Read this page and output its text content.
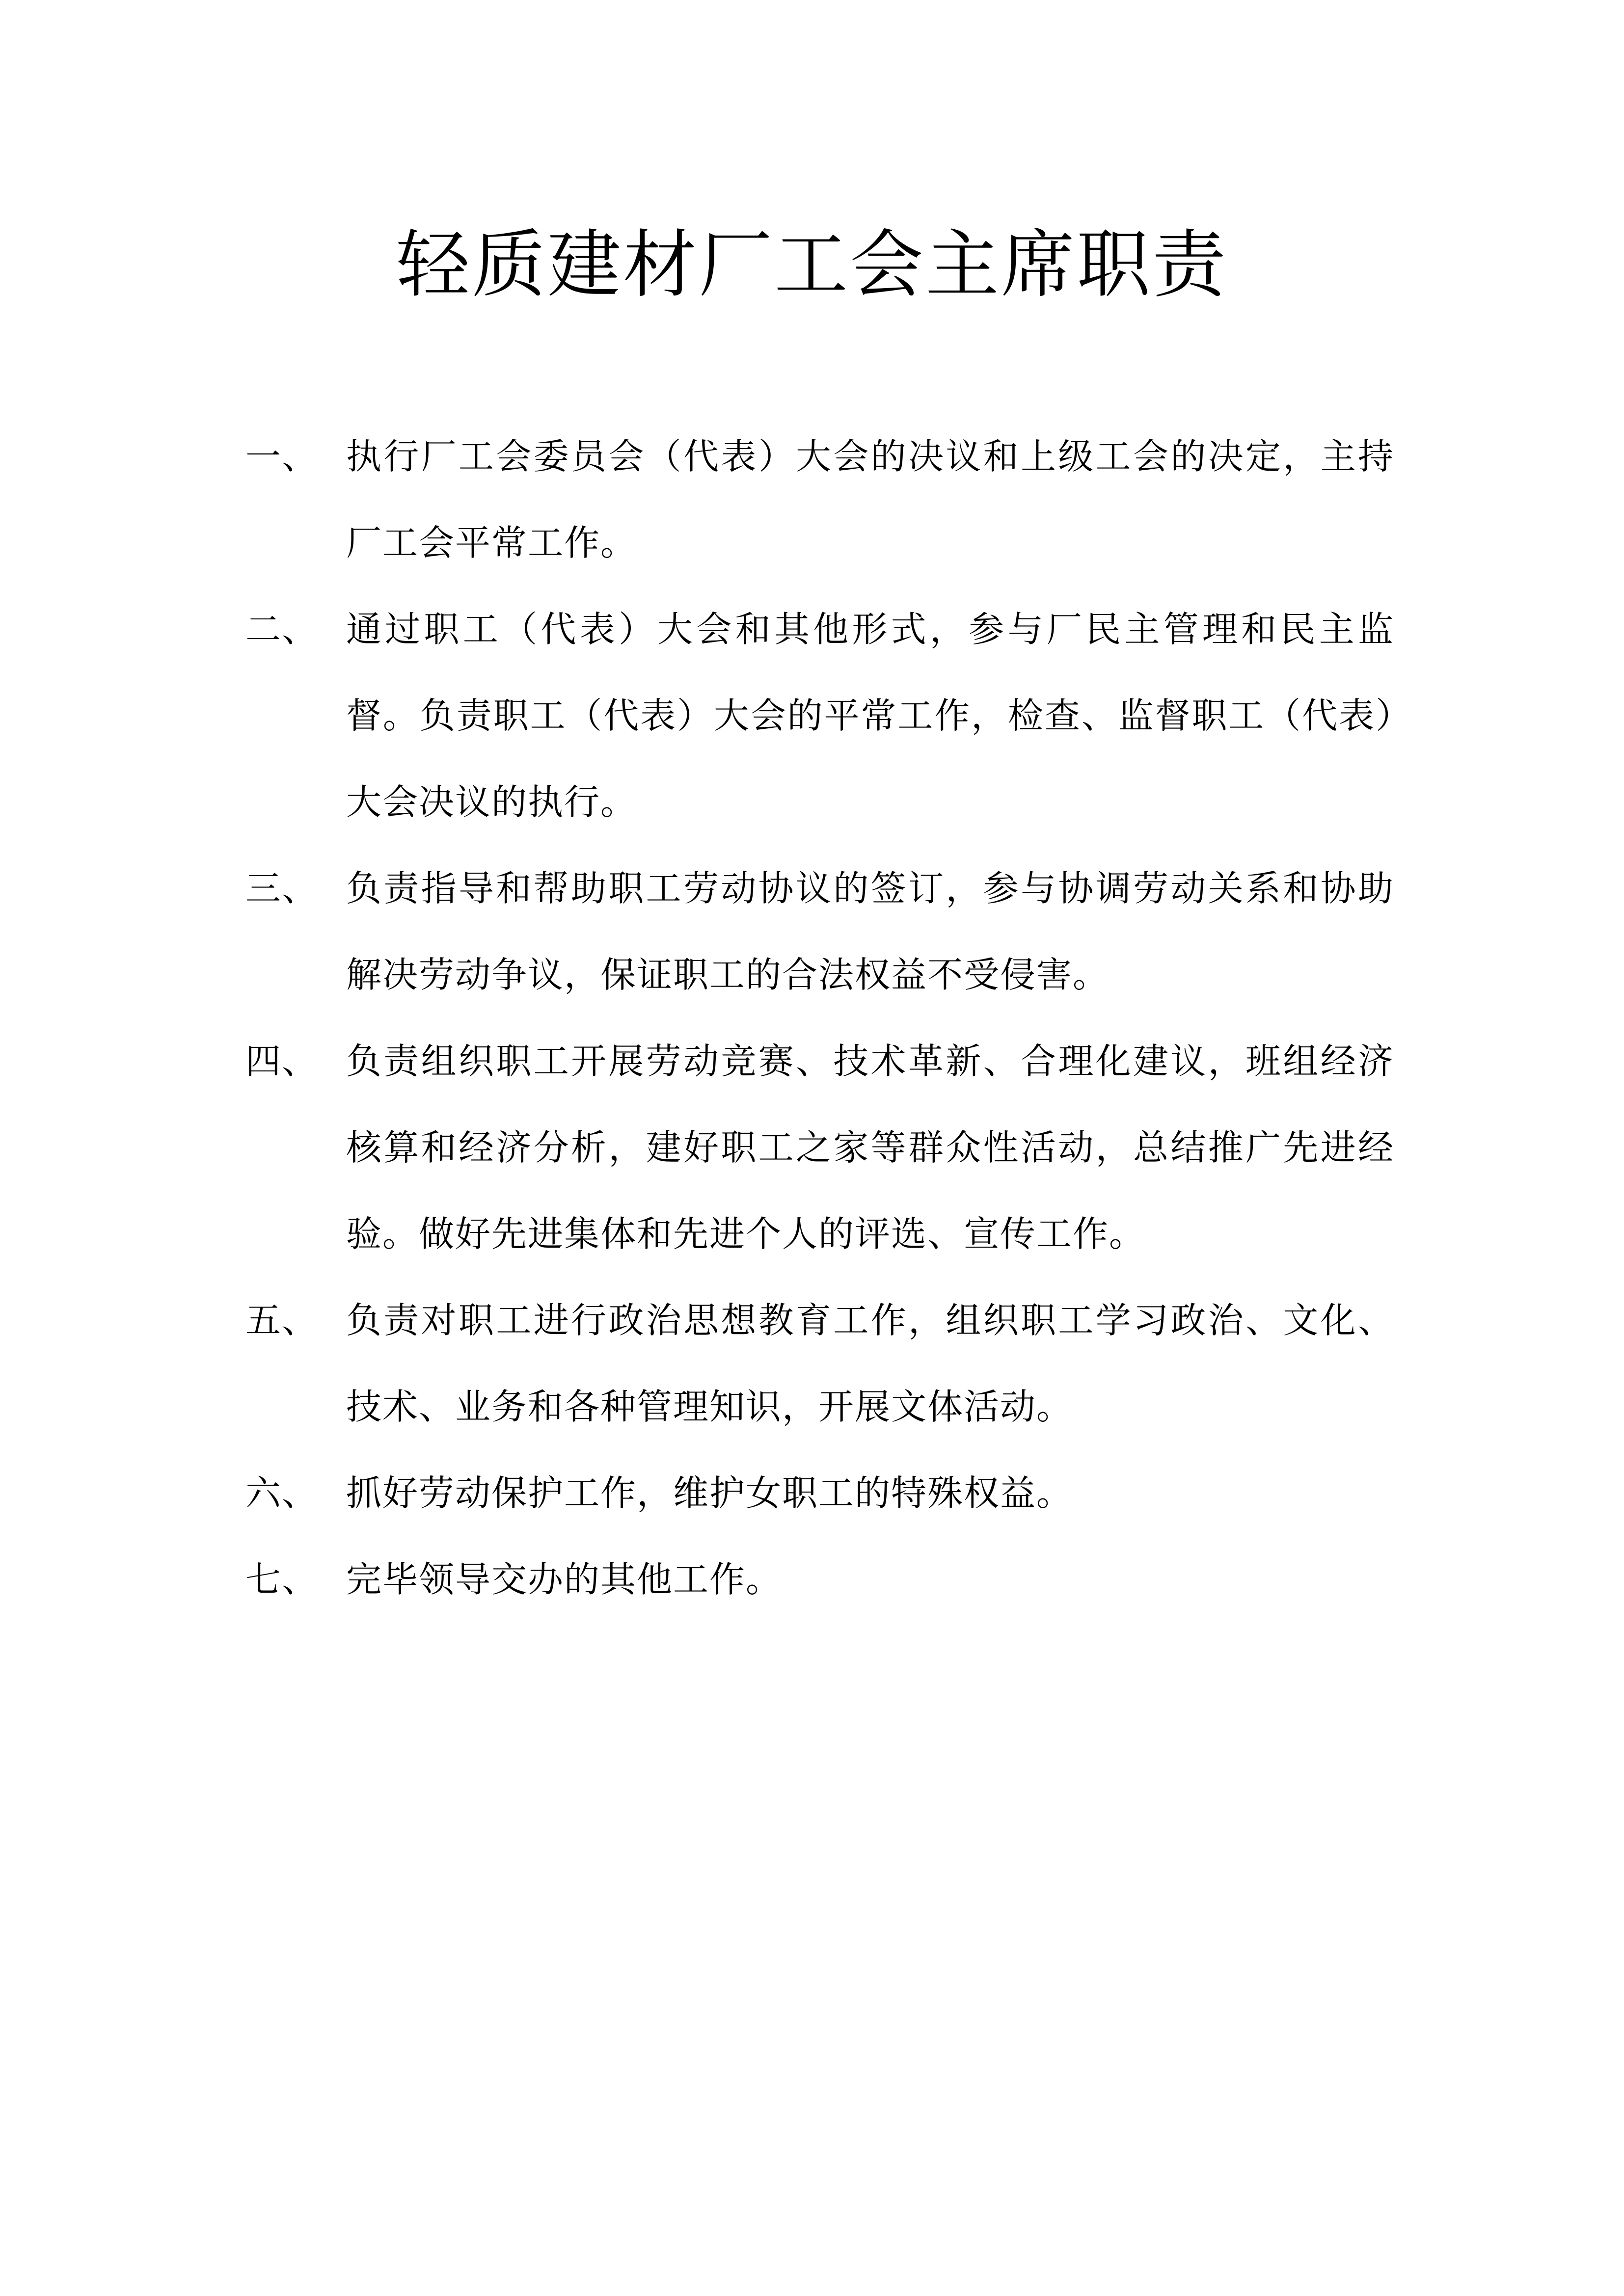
轻质建材厂工会主席职责
一、 执行厂工会委员会（代表）大会的决议和上级工会的决定，主持厂工会平常工作。
二、 通过职工（代表）大会和其他形式，参与厂民主管理和民主监督。负责职工（代表）大会的平常工作，检查、监督职工（代表）大会决议的执行。
三、 负责指导和帮助职工劳动协议的签订，参与协调劳动关系和协助解决劳动争议，保证职工的合法权益不受侵害。
四、 负责组织职工开展劳动竞赛、技术革新、合理化建议，班组经济核算和经济分析，建好职工之家等群众性活动，总结推广先进经验。做好先进集体和先进个人的评选、宣传工作。
五、 负责对职工进行政治思想教育工作，组织职工学习政治、文化、技术、业务和各种管理知识，开展文体活动。
六、 抓好劳动保护工作，维护女职工的特殊权益。
七、 完毕领导交办的其他工作。
